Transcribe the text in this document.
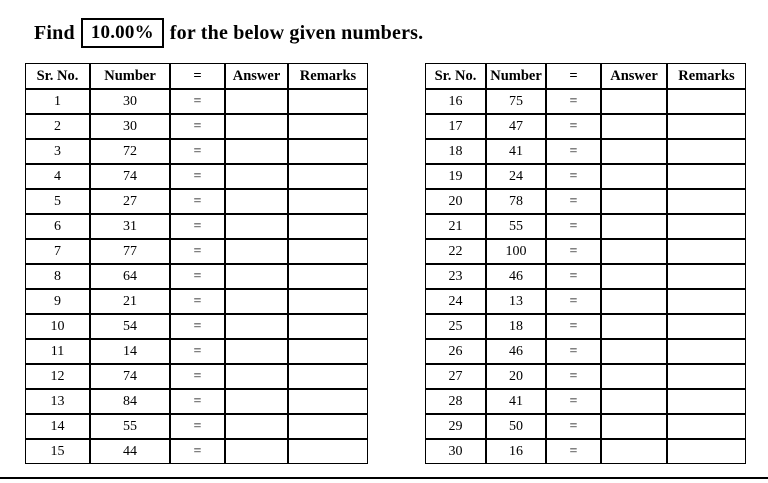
Find 10.00% for the below given numbers.
Sr. No.	Number	=	Answer	Remarks
1	30	=		
2	30	=		
3	72	=		
4	74	=		
5	27	=		
6	31	=		
7	77	=		
8	64	=		
9	21	=		
10	54	=		
11	14	=		
12	74	=		
13	84	=		
14	55	=		
15	44	=		
Sr. No.	Number	=	Answer	Remarks
16	75	=		
17	47	=		
18	41	=		
19	24	=		
20	78	=		
21	55	=		
22	100	=		
23	46	=		
24	13	=		
25	18	=		
26	46	=		
27	20	=		
28	41	=		
29	50	=		
30	16	=		
